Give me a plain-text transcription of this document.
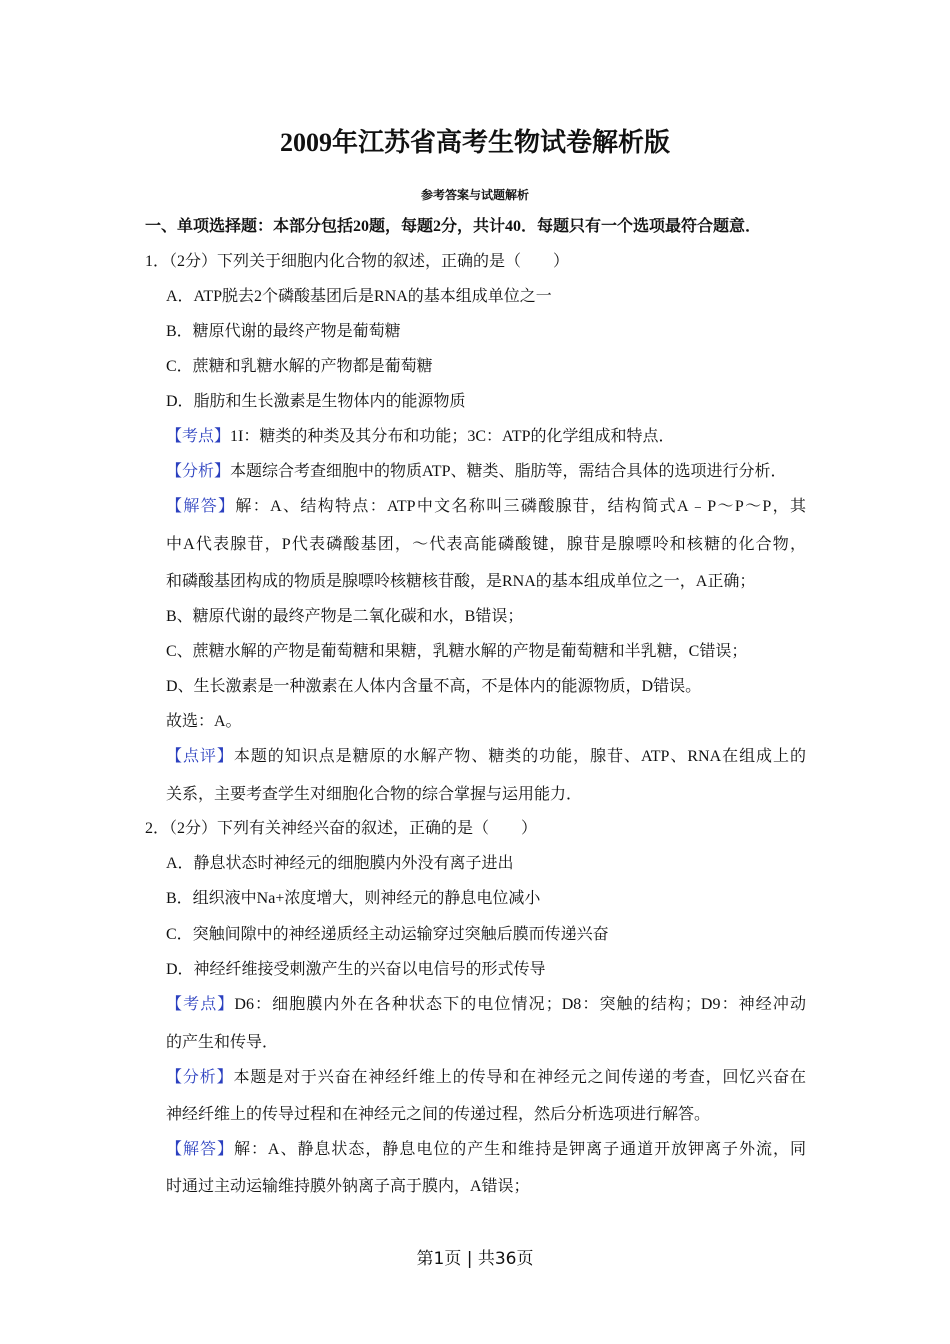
2009年江苏省高考生物试卷解析版
参考答案与试题解析
一、单项选择题：本部分包括20题，每题2分，共计40．每题只有一个选项最符合题意．
1．（2分）下列关于细胞内化合物的叙述，正确的是（　　）
A．ATP脱去2个磷酸基团后是RNA的基本组成单位之一
B．糖原代谢的最终产物是葡萄糖
C．蔗糖和乳糖水解的产物都是葡萄糖
D．脂肪和生长激素是生物体内的能源物质
【考点】1I：糖类的种类及其分布和功能；3C：ATP的化学组成和特点．
【分析】本题综合考查细胞中的物质ATP、糖类、脂肪等，需结合具体的选项进行分析．
【解答】解：A、结构特点：ATP中文名称叫三磷酸腺苷，结构简式A﹣P～P～P，其
中A代表腺苷，P代表磷酸基团，～代表高能磷酸键，腺苷是腺嘌呤和核糖的化合物，
和磷酸基团构成的物质是腺嘌呤核糖核苷酸，是RNA的基本组成单位之一，A正确；
B、糖原代谢的最终产物是二氧化碳和水，B错误；
C、蔗糖水解的产物是葡萄糖和果糖，乳糖水解的产物是葡萄糖和半乳糖，C错误；
D、生长激素是一种激素在人体内含量不高，不是体内的能源物质，D错误。
故选：A。
【点评】本题的知识点是糖原的水解产物、糖类的功能，腺苷、ATP、RNA在组成上的
关系，主要考查学生对细胞化合物的综合掌握与运用能力．
2．（2分）下列有关神经兴奋的叙述，正确的是（　　）
A．静息状态时神经元的细胞膜内外没有离子进出
B．组织液中Na+浓度增大，则神经元的静息电位减小
C．突触间隙中的神经递质经主动运输穿过突触后膜而传递兴奋
D．神经纤维接受刺激产生的兴奋以电信号的形式传导
【考点】D6：细胞膜内外在各种状态下的电位情况；D8：突触的结构；D9：神经冲动
的产生和传导．
【分析】本题是对于兴奋在神经纤维上的传导和在神经元之间传递的考查，回忆兴奋在
神经纤维上的传导过程和在神经元之间的传递过程，然后分析选项进行解答。
【解答】解：A、静息状态，静息电位的产生和维持是钾离子通道开放钾离子外流，同
时通过主动运输维持膜外钠离子高于膜内，A错误；
第1页 | 共36页
